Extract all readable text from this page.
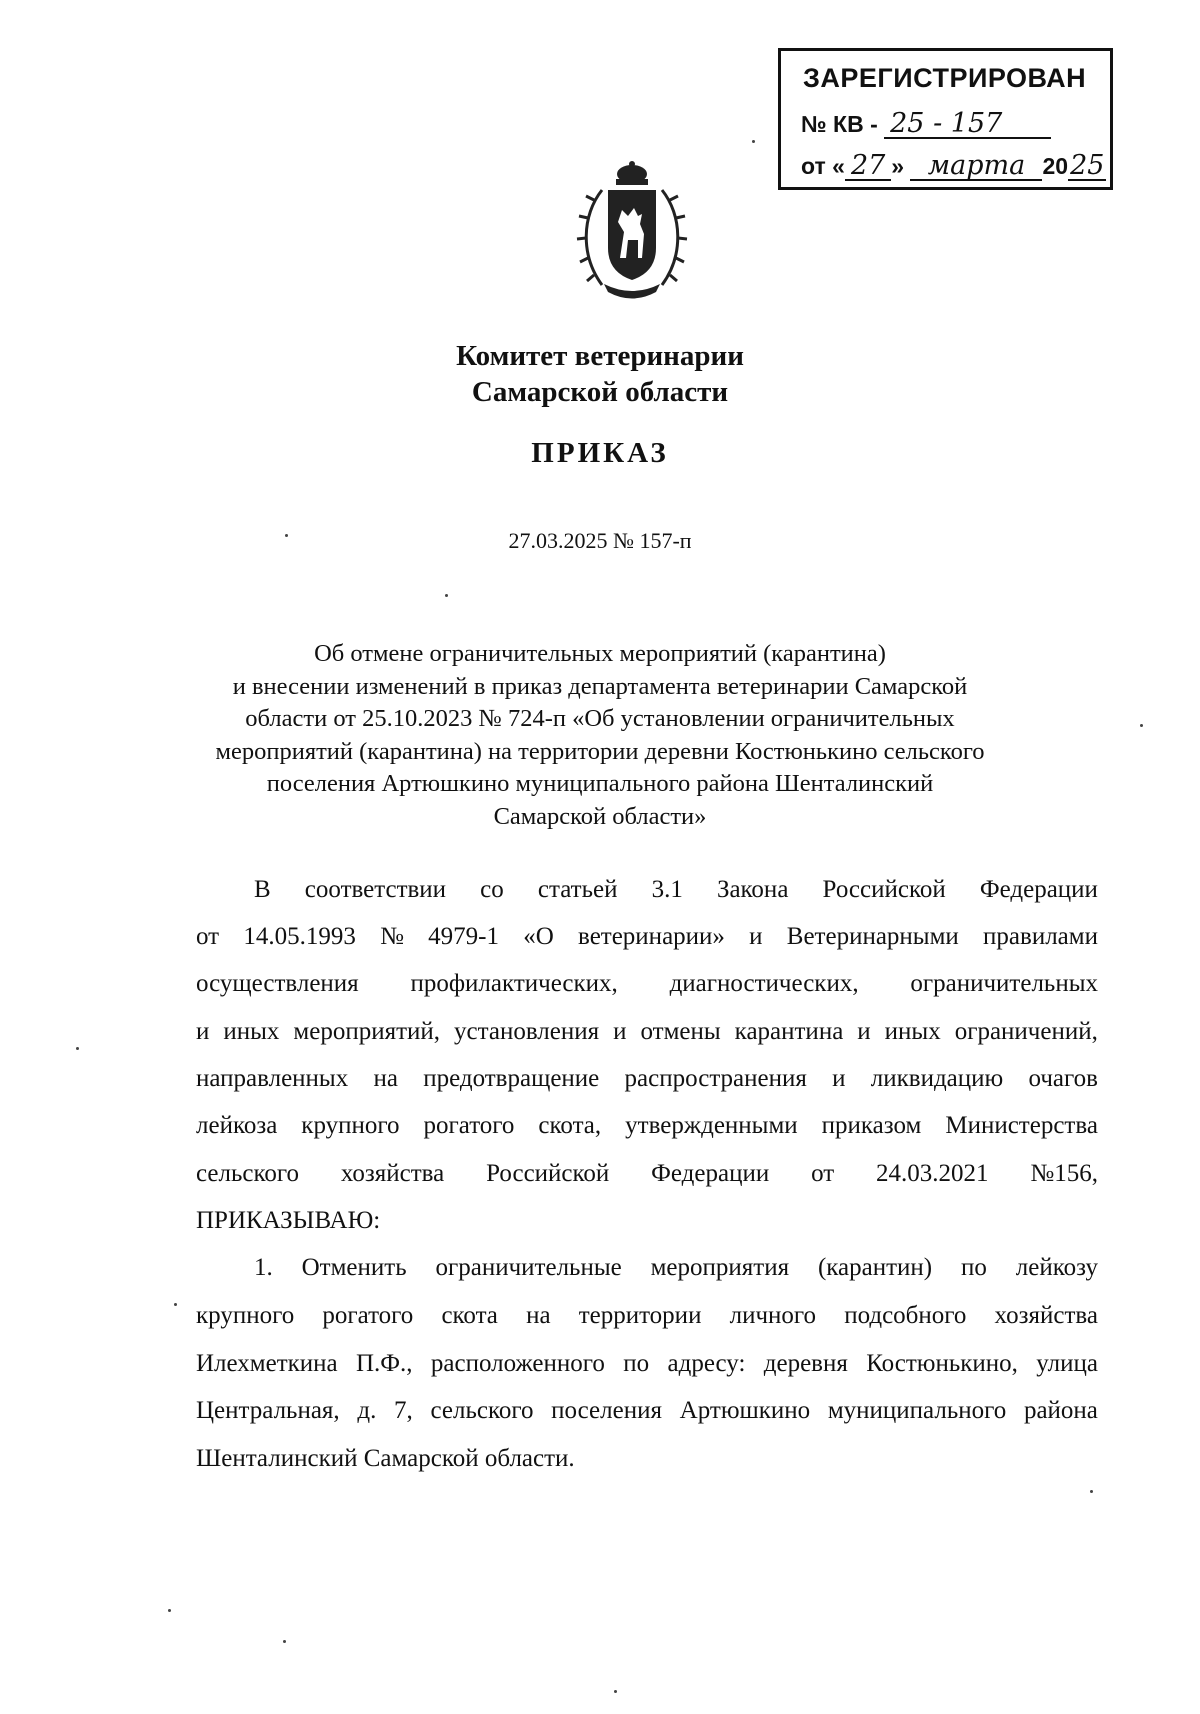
ЗАРЕГИСТРИРОВАН
№ КВ - 25 - 157
от « 27 » марта 2025
Комитет ветеринарии
Самарской области
ПРИКАЗ
27.03.2025 № 157-п
Об отмене ограничительных мероприятий (карантина)
и внесении изменений в приказ департамента ветеринарии Самарской
области от 25.10.2023 № 724-п «Об установлении ограничительных
мероприятий (карантина) на территории деревни Костюнькино сельского
поселения Артюшкино муниципального района Шенталинский
Самарской области»
В соответствии со статьей 3.1 Закона Российской Федерации
от 14.05.1993 № 4979-1 «О ветеринарии» и Ветеринарными правилами
осуществления профилактических, диагностических, ограничительных
и иных мероприятий, установления и отмены карантина и иных ограничений,
направленных на предотвращение распространения и ликвидацию очагов
лейкоза крупного рогатого скота, утвержденными приказом Министерства
сельского хозяйства Российской Федерации от 24.03.2021 №156,
ПРИКАЗЫВАЮ:
1. Отменить ограничительные мероприятия (карантин) по лейкозу
крупного рогатого скота на территории личного подсобного хозяйства
Илехметкина П.Ф., расположенного по адресу: деревня Костюнькино, улица
Центральная, д. 7, сельского поселения Артюшкино муниципального района
Шенталинский Самарской области.
